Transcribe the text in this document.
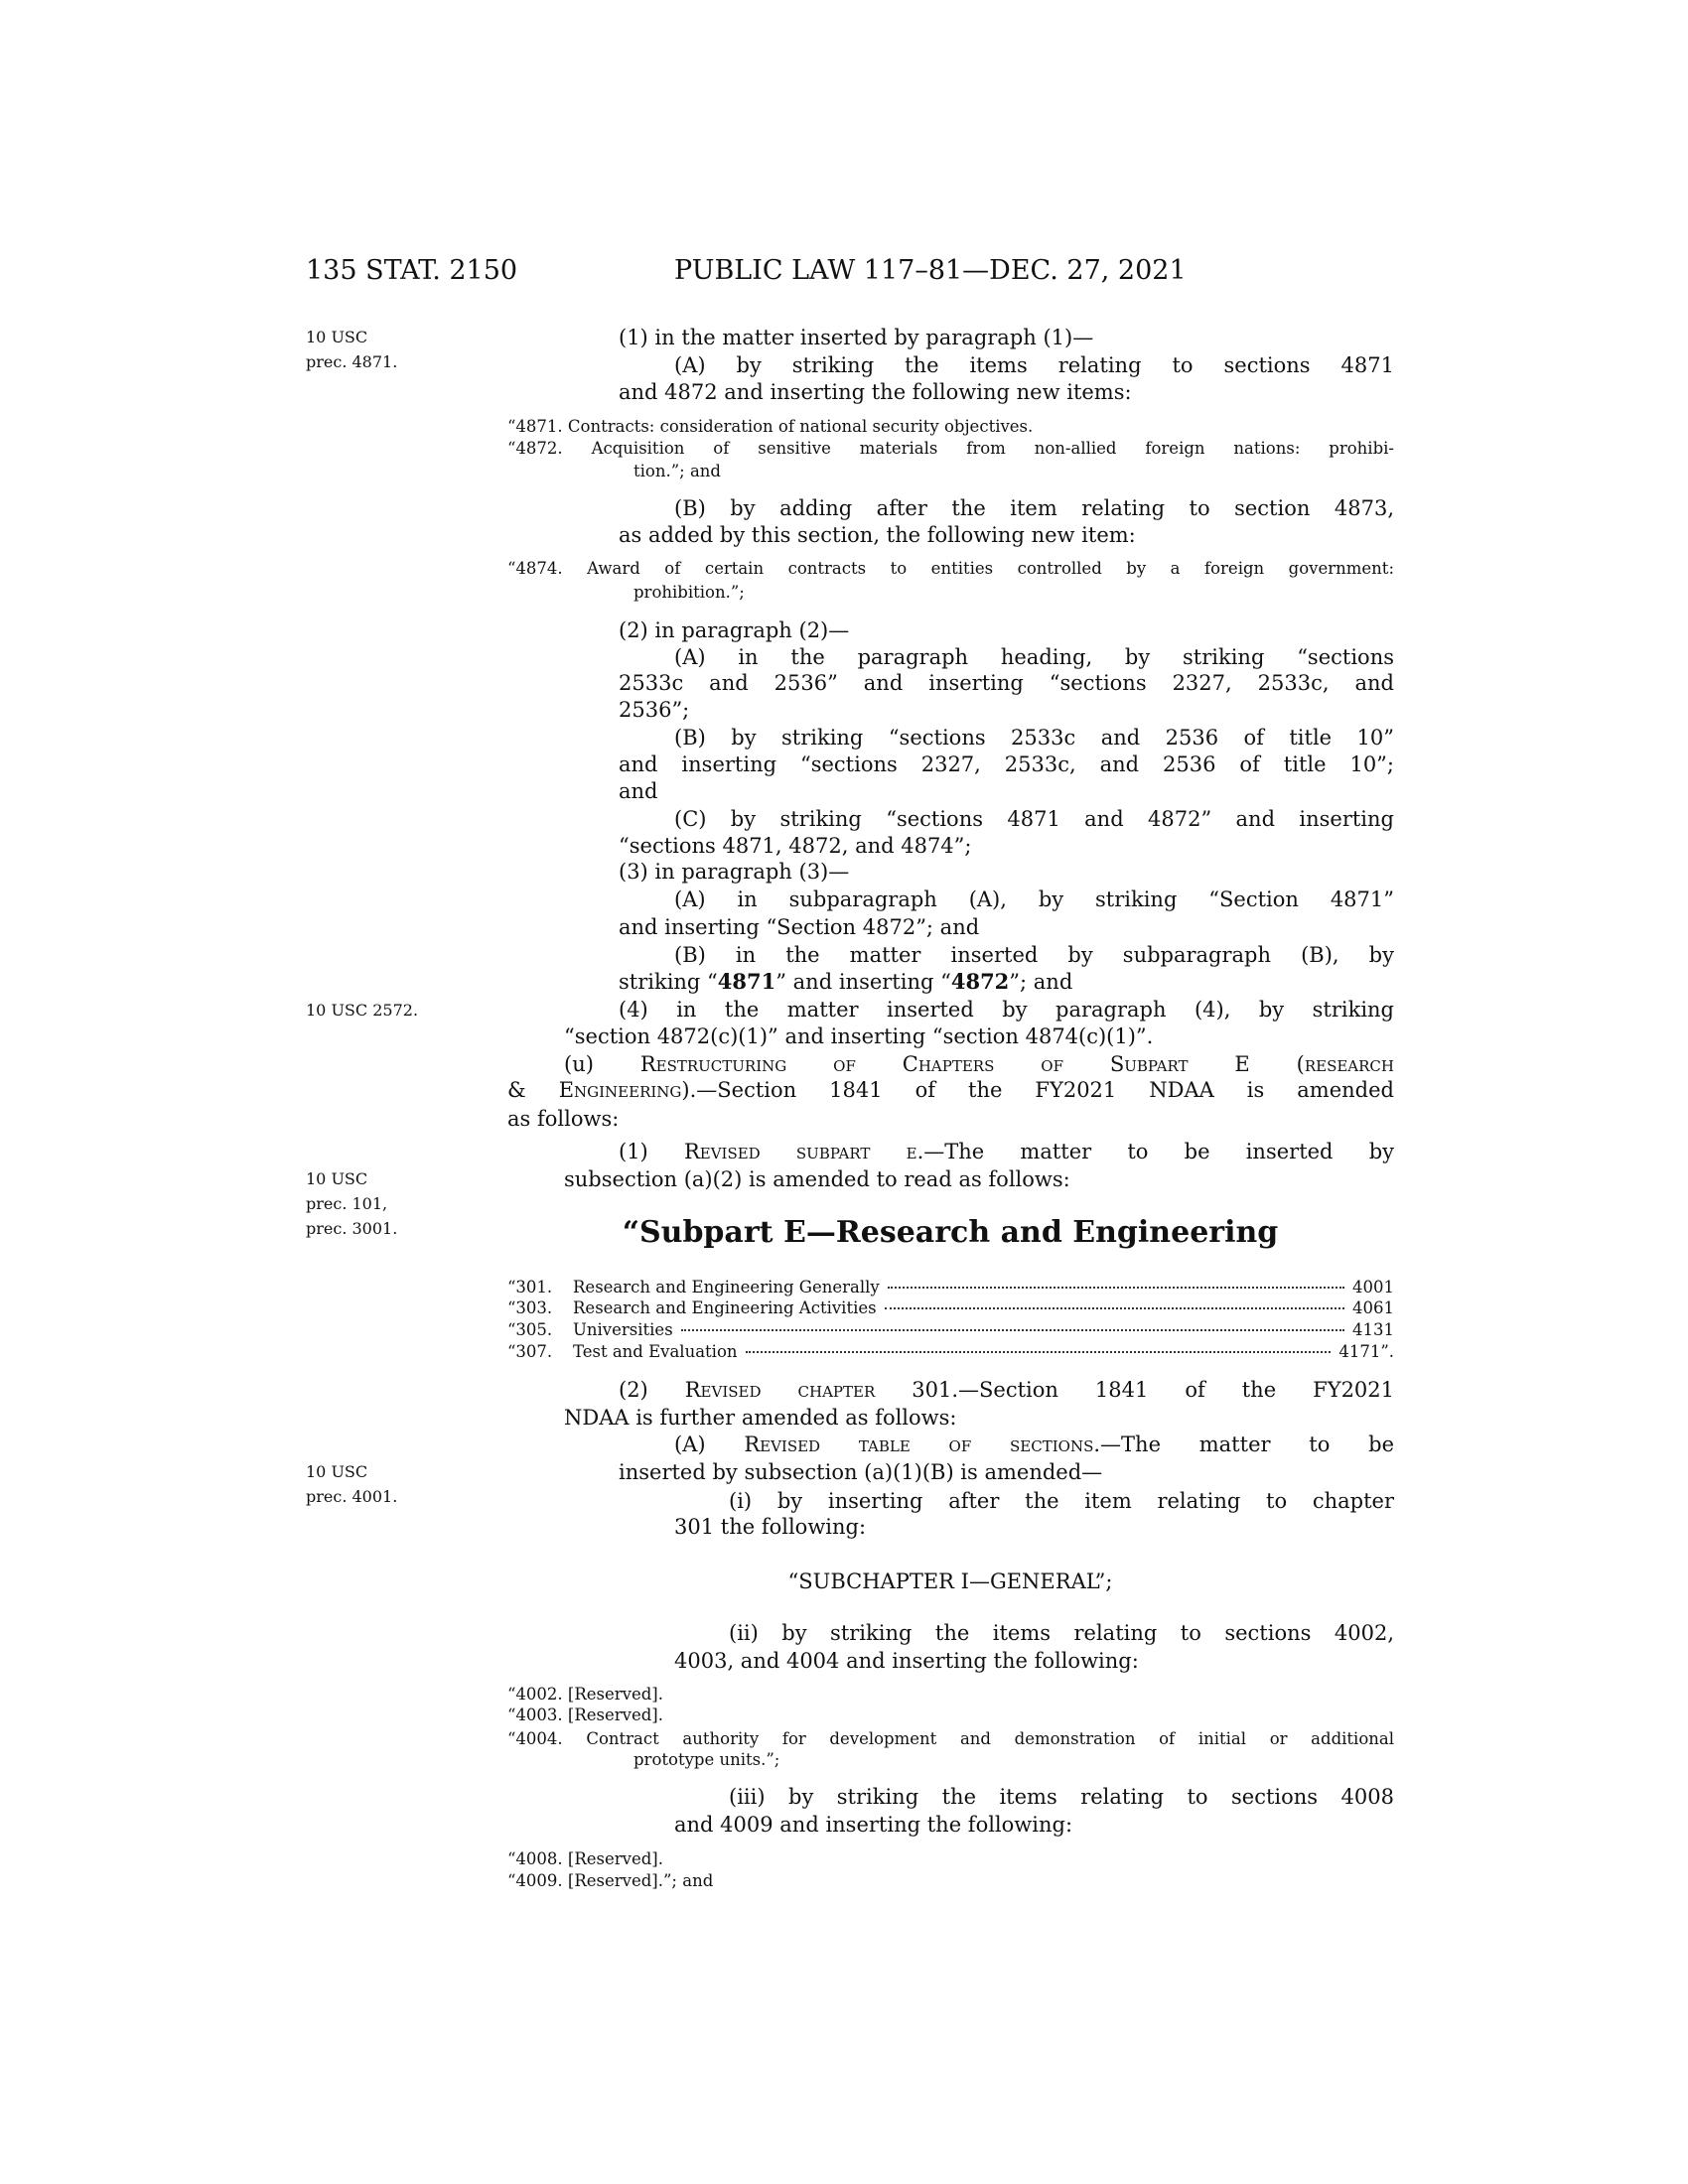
135 STAT. 2150	PUBLIC LAW 117–81—DEC. 27, 2021
10 USC
prec. 4871.
10 USC 2572.
10 USC
prec. 101,
prec. 3001.
10 USC
prec. 4001.
(1) in the matter inserted by paragraph (1)—
(A) by striking the items relating to sections 4871
and 4872 and inserting the following new items:
“4871. Contracts: consideration of national security objectives.
“4872. Acquisition of sensitive materials from non-allied foreign nations: prohibi-
tion.”; and
(B) by adding after the item relating to section 4873,
as added by this section, the following new item:
“4874. Award of certain contracts to entities controlled by a foreign government:
prohibition.”;
(2) in paragraph (2)—
(A) in the paragraph heading, by striking “sections
2533c and 2536” and inserting “sections 2327, 2533c, and
2536”;
(B) by striking “sections 2533c and 2536 of title 10”
and inserting “sections 2327, 2533c, and 2536 of title 10”;
and
(C) by striking “sections 4871 and 4872” and inserting
“sections 4871, 4872, and 4874”;
(3) in paragraph (3)—
(A) in subparagraph (A), by striking “Section 4871”
and inserting “Section 4872”; and
(B) in the matter inserted by subparagraph (B), by
striking “4871” and inserting “4872”; and
(4) in the matter inserted by paragraph (4), by striking
“section 4872(c)(1)” and inserting “section 4874(c)(1)”.
(u) Restructuring of Chapters of Subpart E (research
& Engineering).—Section 1841 of the FY2021 NDAA is amended
as follows:
(1) Revised subpart e.—The matter to be inserted by
subsection (a)(2) is amended to read as follows:
“Subpart E—Research and Engineering
“301.	Research and Engineering Generally	4001
“303.	Research and Engineering Activities	4061
“305.	Universities	4131
“307.	Test and Evaluation	4171”.
(2) Revised chapter 301.—Section 1841 of the FY2021
NDAA is further amended as follows:
(A) Revised table of sections.—The matter to be
inserted by subsection (a)(1)(B) is amended—
(i) by inserting after the item relating to chapter
301 the following:
“SUBCHAPTER I—GENERAL”;
(ii) by striking the items relating to sections 4002,
4003, and 4004 and inserting the following:
“4002. [Reserved].
“4003. [Reserved].
“4004. Contract authority for development and demonstration of initial or additional
prototype units.”;
(iii) by striking the items relating to sections 4008
and 4009 and inserting the following:
“4008. [Reserved].
“4009. [Reserved].”; and
